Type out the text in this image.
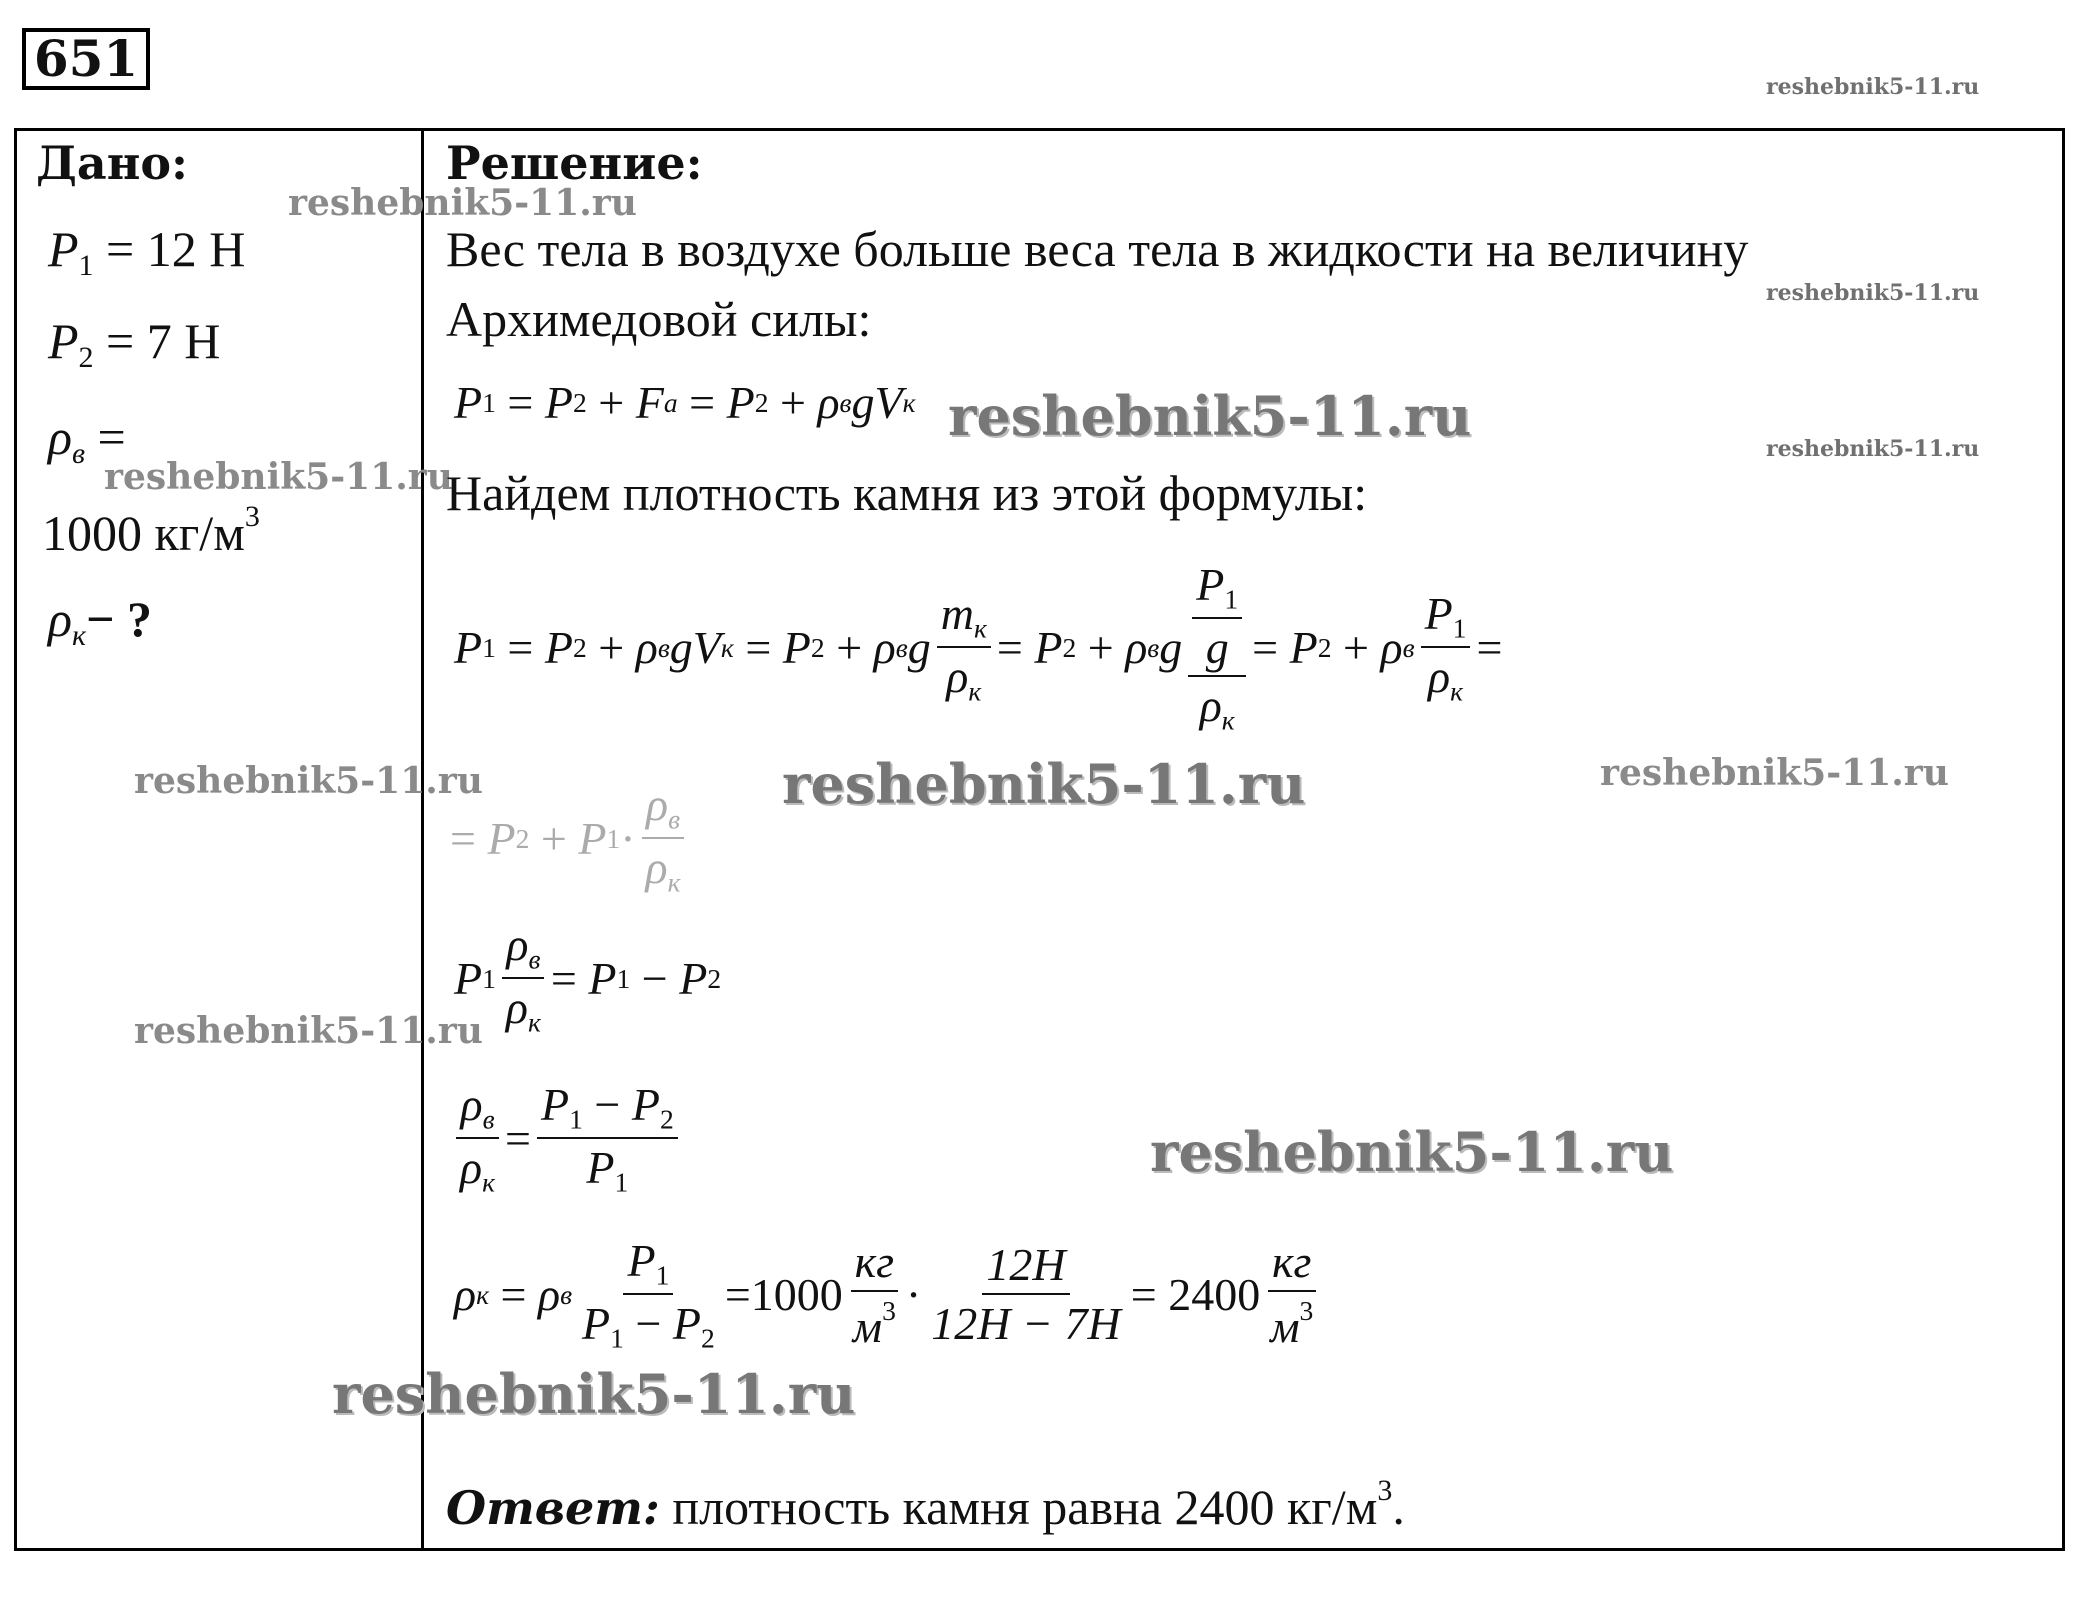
651	reshebnik5-11.ru
reshebnik5-11.ru
reshebnik5-11.ru
reshebnik5-11.ru
reshebnik5-11.ru
reshebnik5-11.ru
reshebnik5-11.ru
reshebnik5-11.ru
reshebnik5-11.ru
reshebnik5-11.ru
reshebnik5-11.ru
reshebnik5-11.ru
Дано:
$P_1 = 12$ Н
$P_2 = 7$ Н
$\rho_в$ =
1000 $кг/м^3$
$\rho_к-$ ?
Решение:
Вес тела в воздухе больше веса тела в жидкости на величину
Архимедовой силы:
P 1 = P 2 + F a = P 2 + ρ в gV к
Найдем плотность камня из этой формулы:
P 1 = P 2 + ρ в gV к = P 2 + ρ в g $\frac{m_к}{\rho_к} = P$ 2 + ρ в g $\frac{\frac{P_1}{g}}{\rho_к} = P$ 2 + ρ в $\frac{P_1}{\rho_к}$ =
= P 2 + P $1 \cdot \frac{\rho_в}{\rho_к}$
P $1 \frac{\rho_в}{\rho_к} = P$ 1 − P 2
$\frac{\rho_в}{\rho_к} = \frac{P_1 - P_2}{P_1}$
ρ к = ρ в $\frac{P_1}{P_1 - P_2} = 1000 \frac{кг}{м^3} \cdot \frac{12H}{12H - 7H} = 2400 \frac{кг}{м^3}$
Ответ: плотность камня равна 2400 $кг/м^3$.
